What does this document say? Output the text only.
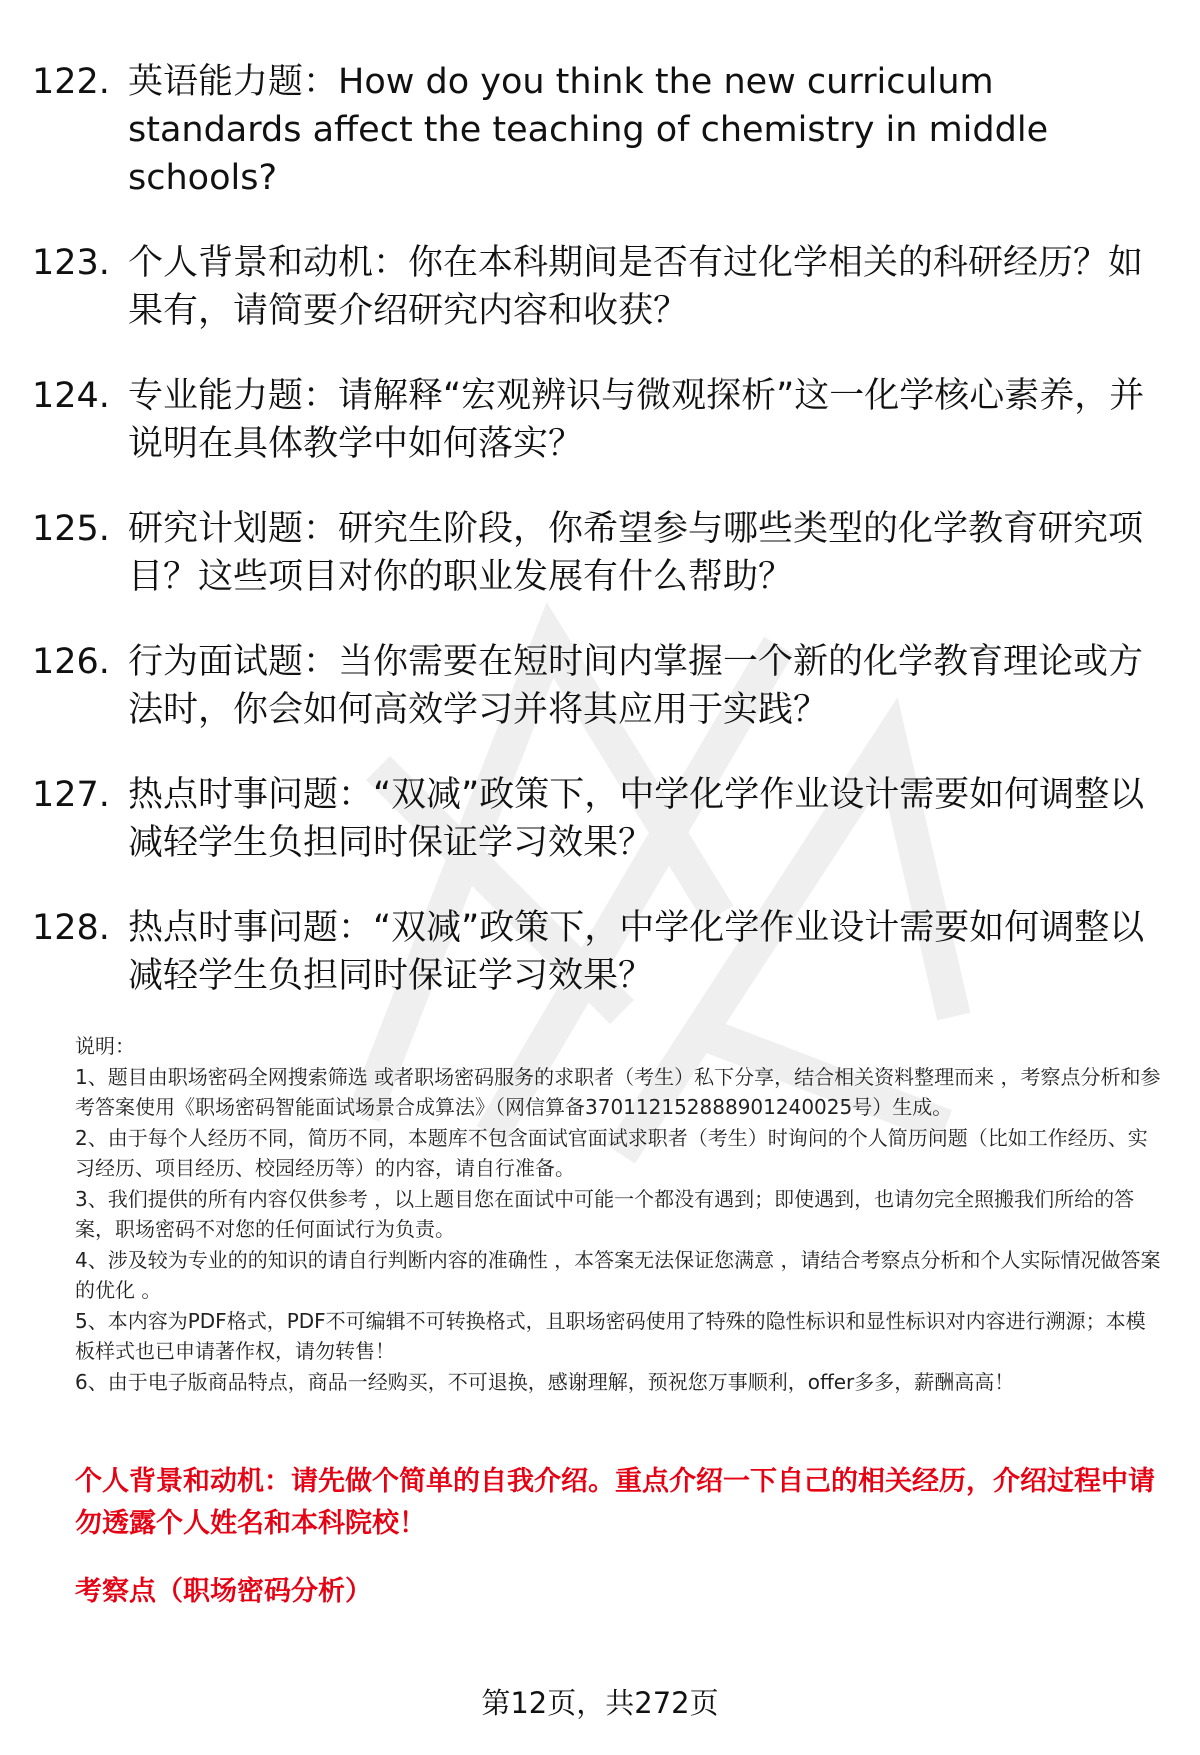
122. 英语能力题：How do you think the new curriculum standards affect the teaching of chemistry in middle schools?
123. 个人背景和动机：你在本科期间是否有过化学相关的科研经历？如果有，请简要介绍研究内容和收获？
124. 专业能力题：请解释“宏观辨识与微观探析”这一化学核心素养，并说明在具体教学中如何落实？
125. 研究计划题：研究生阶段，你希望参与哪些类型的化学教育研究项目？这些项目对你的职业发展有什么帮助？
126. 行为面试题：当你需要在短时间内掌握一个新的化学教育理论或方法时，你会如何高效学习并将其应用于实践？
127. 热点时事问题：“双减”政策下，中学化学作业设计需要如何调整以减轻学生负担同时保证学习效果？
128. 热点时事问题：“双减”政策下，中学化学作业设计需要如何调整以减轻学生负担同时保证学习效果？

说明：

1、题目由职场密码全网搜索筛选 或者职场密码服务的求职者（考生）私下分享，结合相关资料整理而来 ，考察点分析和参考答案使用《职场密码智能面试场景合成算法》（网信算备370112152888901240025号）生成。

2、由于每个人经历不同，简历不同，本题库不包含面试官面试求职者（考生）时询问的个人简历问题（比如工作经历、实习经历、项目经历、校园经历等）的内容，请自行准备。

3、我们提供的所有内容仅供参考 ，以上题目您在面试中可能一个都没有遇到；即使遇到，也请勿完全照搬我们所给的答案，职场密码不对您的任何面试行为负责。

4、涉及较为专业的的知识的请自行判断内容的准确性 ，本答案无法保证您满意 ，请结合考察点分析和个人实际情况做答案的优化 。

5、本内容为PDF格式，PDF不可编辑不可转换格式，且职场密码使用了特殊的隐性标识和显性标识对内容进行溯源；本模板样式也已申请著作权，请勿转售！

6、由于电子版商品特点，商品一经购买，不可退换，感谢理解，预祝您万事顺利，offer多多，薪酬高高！

个人背景和动机：请先做个简单的自我介绍。重点介绍一下自己的相关经历，介绍过程中请勿透露个人姓名和本科院校！
考察点（职场密码分析）
第12页，共272页
